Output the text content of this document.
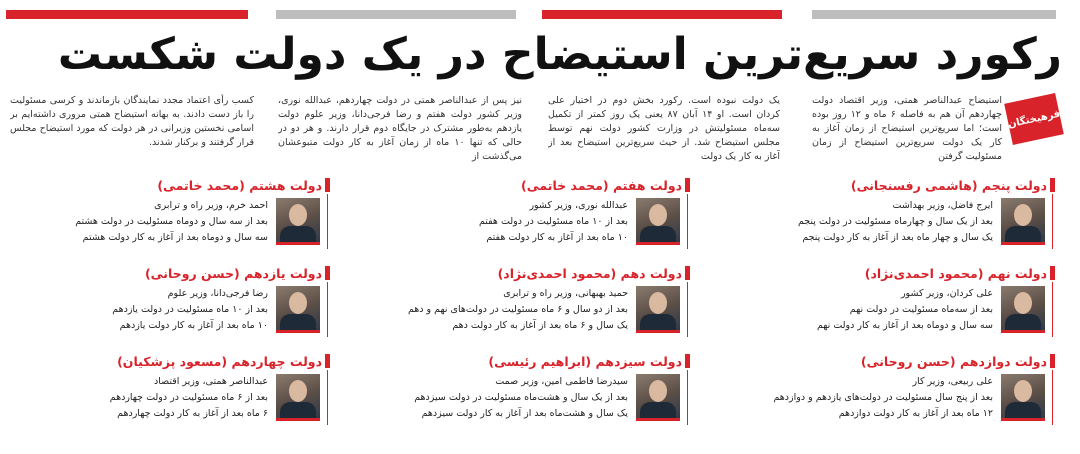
رکورد سریع‌ترین استیضاح در یک دولت شکست
فرهیختگان
استیضاح عبدالناصر همتی، وزیر اقتصاد دولت چهاردهم آن هم به فاصله ۶ ماه و ۱۲ روز بوده است؛ اما سریع‌ترین استیضاح از زمان آغاز به کار یک دولت سریع‌ترین استیضاح از زمان مسئولیت گرفتن
یک دولت نبوده است. رکورد بخش دوم در اختیار علی کردان است. او ۱۴ آبان ۸۷ یعنی یک روز کمتر از تکمیل سه‌ماه مسئولیتش در وزارت کشور دولت نهم توسط مجلس استیضاح شد. از حیث سریع‌ترین استیضاح بعد از آغاز به کار یک دولت
نیز پس از عبدالناصر همتی در دولت چهاردهم، عبدالله نوری، وزیر کشور دولت هفتم و رضا فرجی‌دانا، وزیر علوم دولت یازدهم به‌طور مشترک در جایگاه دوم قرار دارند. و هر دو در حالی که تنها ۱۰ ماه از زمان آغاز به کار دولت متبوعشان می‌گذشت از
کسب رأی اعتماد مجدد نمایندگان بازماندند و کرسی مسئولیت را باز دست دادند. به بهانه استیضاح همتی مروری داشته‌ایم بر اسامی نخستین وزیرانی در هر دولت که مورد استیضاح مجلس قرار گرفتند و برکنار شدند.
دولت پنجم (هاشمی رفسنجانی)
ایرج فاضل، وزیر بهداشت
بعد از یک سال و چهارماه مسئولیت در دولت پنجم
یک سال و چهار ماه بعد از آغاز به کار دولت پنجم
دولت هفتم (محمد خاتمی)
عبدالله نوری، وزیر کشور
بعد از ۱۰ ماه مسئولیت در دولت هفتم
۱۰ ماه بعد از آغاز به کار دولت هفتم
دولت هشتم (محمد خاتمی)
احمد خرم، وزیر راه و ترابری
بعد از سه سال و دوماه مسئولیت در دولت هشتم
سه سال و دوماه بعد از آغاز به کار دولت هشتم
دولت نهم (محمود احمدی‌نژاد)
علی کردان، وزیر کشور
بعد از سه‌ماه مسئولیت در دولت نهم
سه سال و دوماه بعد از آغاز به کار دولت نهم
دولت دهم (محمود احمدی‌نژاد)
حمید بهبهانی، وزیر راه و ترابری
بعد از دو سال و ۶ ماه مسئولیت در دولت‌های نهم و دهم
یک سال و ۶ ماه بعد از آغاز به کار دولت دهم
دولت یازدهم (حسن روحانی)
رضا فرجی‌دانا، وزیر علوم
بعد از ۱۰ ماه مسئولیت در دولت یازدهم
۱۰ ماه بعد از آغاز به کار دولت یازدهم
دولت دوازدهم (حسن روحانی)
علی ربیعی، وزیر کار
بعد از پنج سال مسئولیت در دولت‌های یازدهم و دوازدهم
۱۲ ماه بعد از آغاز به کار دولت دوازدهم
دولت سیزدهم (ابراهیم رئیسی)
سیدرضا فاطمی امین، وزیر صمت
بعد از یک سال و هشت‌ماه مسئولیت در دولت سیزدهم
یک سال و هشت‌ماه بعد از آغاز به کار دولت سیزدهم
دولت چهاردهم (مسعود پزشکیان)
عبدالناصر همتی، وزیر اقتصاد
بعد از ۶ ماه مسئولیت در دولت چهاردهم
۶ ماه بعد از آغاز به کار دولت چهاردهم
